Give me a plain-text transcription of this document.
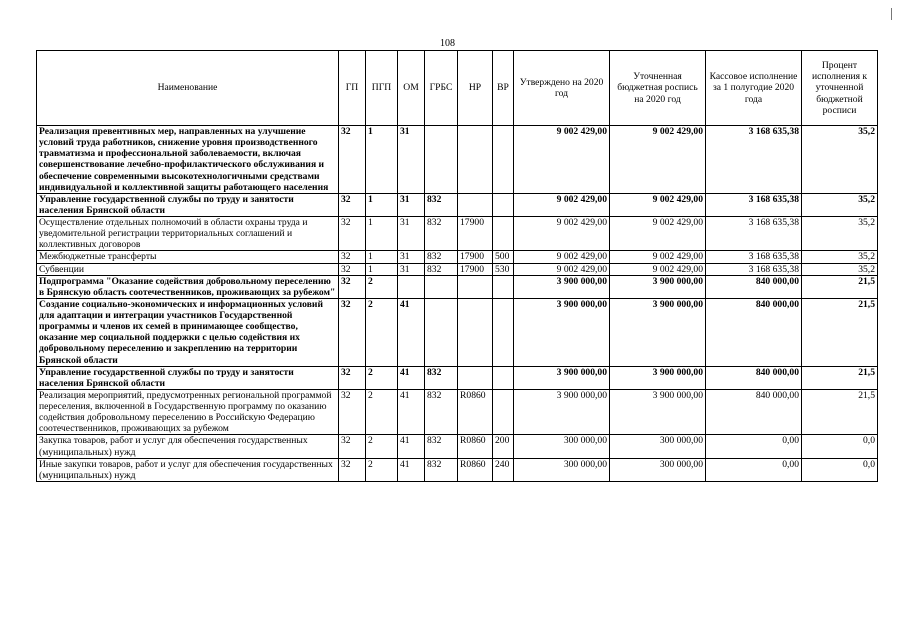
108
Наименование	ГП	ПГП	ОМ	ГРБС	НР	ВР	Утверждено на 2020 год	Уточненная бюджетная роспись на 2020 год	Кассовое исполнение за 1 полугодие 2020 года	Процент исполнения к уточненной бюджетной росписи
Реализация превентивных мер, направленных на улучшение условий труда работников, снижение уровня производственного травматизма и профессиональной заболеваемости, включая совершенствование лечебно-профилактического обслуживания и обеспечение современными высокотехнологичными средствами индивидуальной и коллективной защиты работающего населения	32	1	31				9 002 429,00	9 002 429,00	3 168 635,38	35,2
Управление государственной службы по труду и занятости населения Брянской области	32	1	31	832			9 002 429,00	9 002 429,00	3 168 635,38	35,2
Осуществление отдельных полномочий в области охраны труда и уведомительной регистрации территориальных соглашений и коллективных договоров	32	1	31	832	17900		9 002 429,00	9 002 429,00	3 168 635,38	35,2
Межбюджетные трансферты	32	1	31	832	17900	500	9 002 429,00	9 002 429,00	3 168 635,38	35,2
Субвенции	32	1	31	832	17900	530	9 002 429,00	9 002 429,00	3 168 635,38	35,2
Подпрограмма "Оказание содействия добровольному переселению в Брянскую область соотечественников, проживающих за рубежом"	32	2					3 900 000,00	3 900 000,00	840 000,00	21,5
Создание социально-экономических и информационных условий для адаптации и интеграции участников Государственной программы и членов их семей в принимающее сообщество, оказание мер социальной поддержки с целью содействия их добровольному переселению и закреплению на территории Брянской области	32	2	41				3 900 000,00	3 900 000,00	840 000,00	21,5
Управление государственной службы по труду и занятости населения Брянской области	32	2	41	832			3 900 000,00	3 900 000,00	840 000,00	21,5
Реализация мероприятий, предусмотренных региональной программой переселения, включенной в Государственную программу по оказанию содействия добровольному переселению в Российскую Федерацию соотечественников, проживающих за рубежом	32	2	41	832	R0860		3 900 000,00	3 900 000,00	840 000,00	21,5
Закупка товаров, работ и услуг для обеспечения государственных (муниципальных) нужд	32	2	41	832	R0860	200	300 000,00	300 000,00	0,00	0,0
Иные закупки товаров, работ и услуг для обеспечения государственных (муниципальных) нужд	32	2	41	832	R0860	240	300 000,00	300 000,00	0,00	0,0
